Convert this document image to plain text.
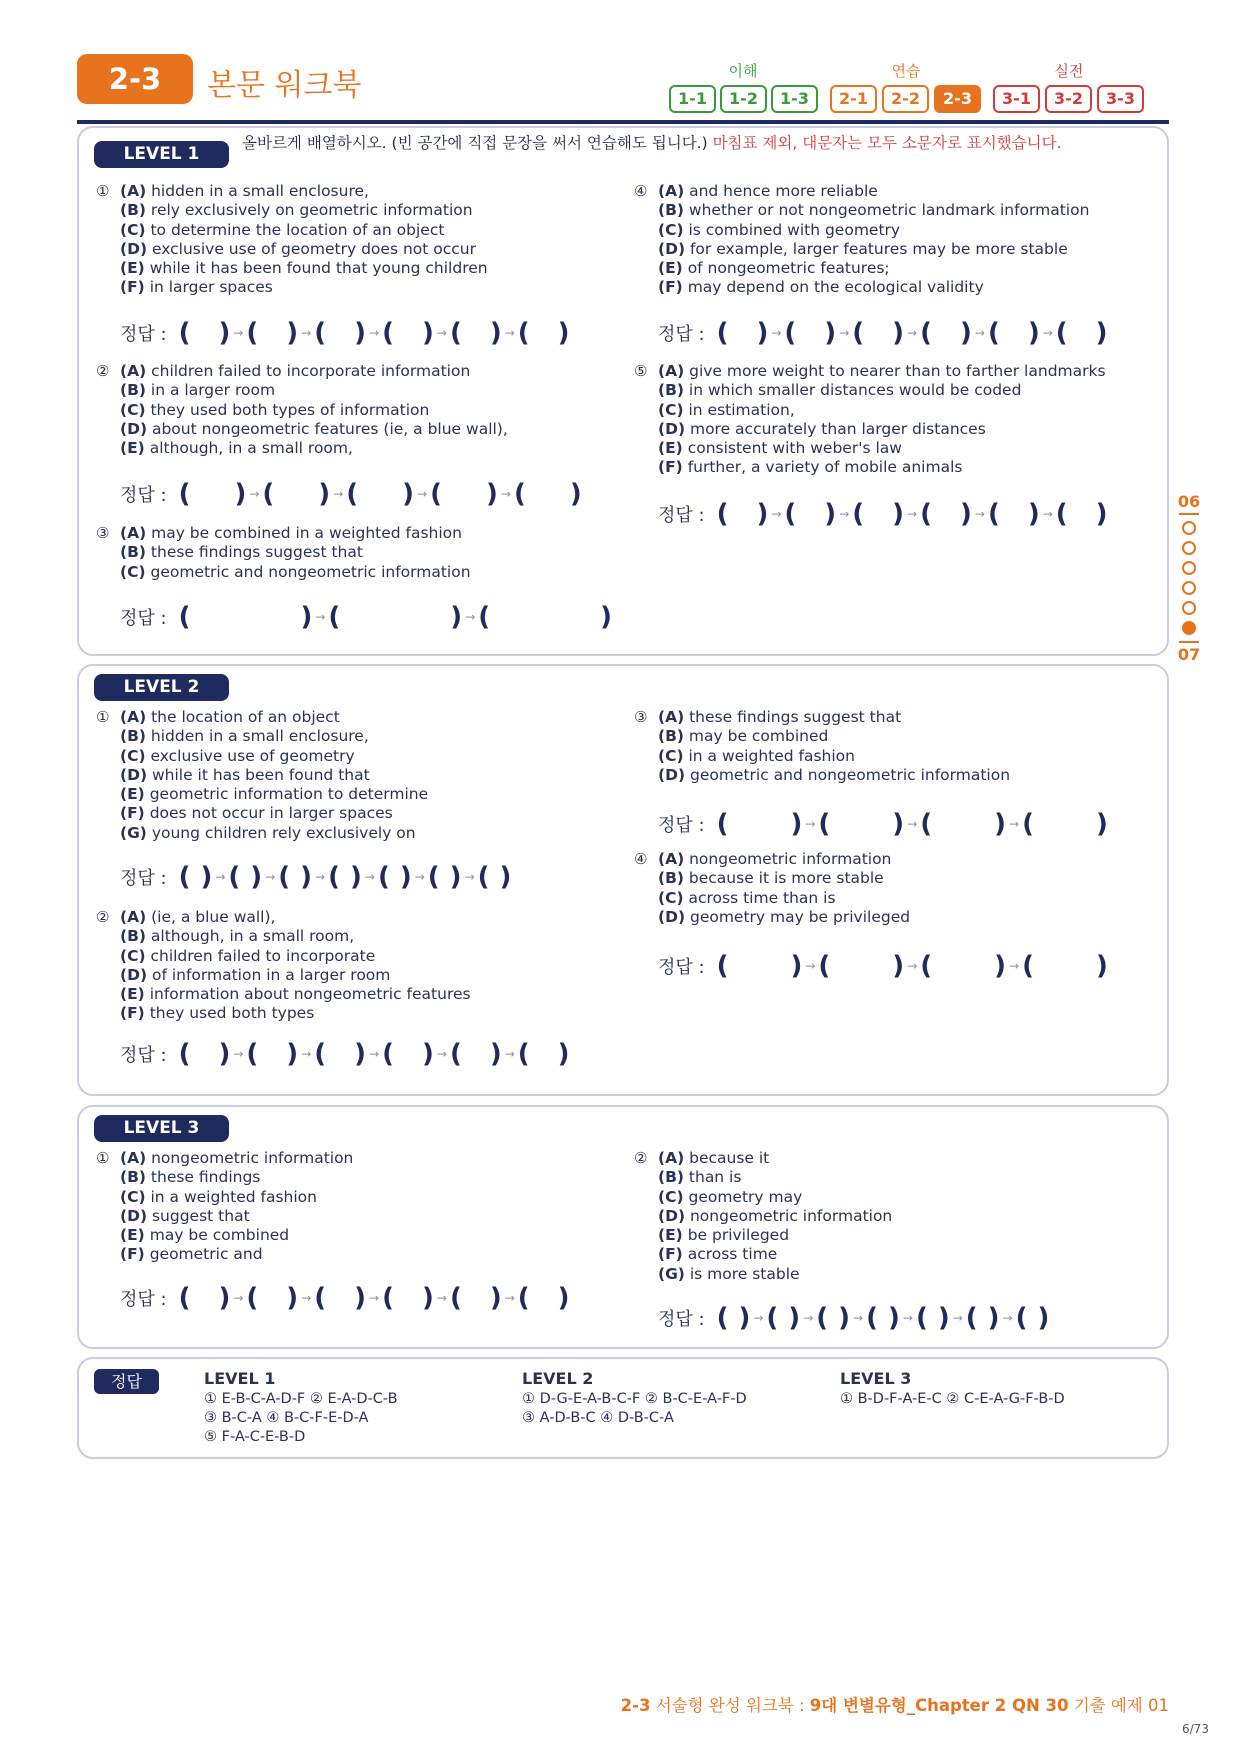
2-3	본문 워크북	이해	연습	실전
1-1	1-2	1-3	2-1	2-2	2-3	3-1	3-2	3-3
LEVEL 1
올바르게 배열하시오. (빈 공간에 직접 문장을 써서 연습해도 됩니다.) 마침표 제외, 대문자는 모두 소문자로 표시했습니다.
① (A) hidden in a small enclosure,
(B) rely exclusively on geometric information
(C) to determine the location of an object
(D) exclusive use of geometry does not occur
(E) while it has been found that young children
(F) in larger spaces
정답 : ( ) → ( ) → ( ) → ( ) → ( ) → ( )
② (A) children failed to incorporate information
(B) in a larger room
(C) they used both types of information
(D) about nongeometric features (ie, a blue wall),
(E) although, in a small room,
정답 : ( ) → ( ) → ( ) → ( ) → ( )
③ (A) may be combined in a weighted fashion
(B) these findings suggest that
(C) geometric and nongeometric information
정답 : (	) → (	) → (	)
④ (A) and hence more reliable
(B) whether or not nongeometric landmark information
(C) is combined with geometry
(D) for example, larger features may be more stable
(E) of nongeometric features;
(F) may depend on the ecological validity
정답 : ( ) → ( ) → ( ) → ( ) → ( ) → ( )
⑤ (A) give more weight to nearer than to farther landmarks
(B) in which smaller distances would be coded
(C) in estimation,
(D) more accurately than larger distances
(E) consistent with weber's law
(F) further, a variety of mobile animals
정답 : ( ) → ( ) → ( ) → ( ) → ( ) → ( )	06
07
LEVEL 2
① (A) the location of an object
(B) hidden in a small enclosure,
(C) exclusive use of geometry
(D) while it has been found that
(E) geometric information to determine
(F) does not occur in larger spaces
(G) young children rely exclusively on
정답 : ( ) → ( ) → ( ) → ( ) → ( ) → ( ) → ( )
② (A) (ie, a blue wall),
(B) although, in a small room,
(C) children failed to incorporate
(D) of information in a larger room
(E) information about nongeometric features
(F) they used both types
정답 : ( ) → ( ) → ( ) → ( ) → ( ) → ( )
③ (A) these findings suggest that
(B) may be combined
(C) in a weighted fashion
(D) geometric and nongeometric information
정답 : ( ) → ( ) → ( ) → ( )
④ (A) nongeometric information
(B) because it is more stable
(C) across time than is
(D) geometry may be privileged
정답 : ( ) → ( ) → ( ) → ( )
LEVEL 3
① (A) nongeometric information
(B) these findings
(C) in a weighted fashion
(D) suggest that
(E) may be combined
(F) geometric and
정답 : ( ) → ( ) → ( ) → ( ) → ( ) → ( )
② (A) because it
(B) than is
(C) geometry may
(D) nongeometric information
(E) be privileged
(F) across time
(G) is more stable
정답 : ( ) → ( ) → ( ) → ( ) → ( ) → ( ) → ( )
정답	LEVEL 1
① E-B-C-A-D-F ② E-A-D-C-B
③ B-C-A ④ B-C-F-E-D-A
⑤ F-A-C-E-B-D
LEVEL 2
① D-G-E-A-B-C-F ② B-C-E-A-F-D
③ A-D-B-C ④ D-B-C-A
LEVEL 3
① B-D-F-A-E-C ② C-E-A-G-F-B-D
2-3 서술형 완성 워크북 : 9대 변별유형_Chapter 2 QN 30 기출 예제 01
6/73
